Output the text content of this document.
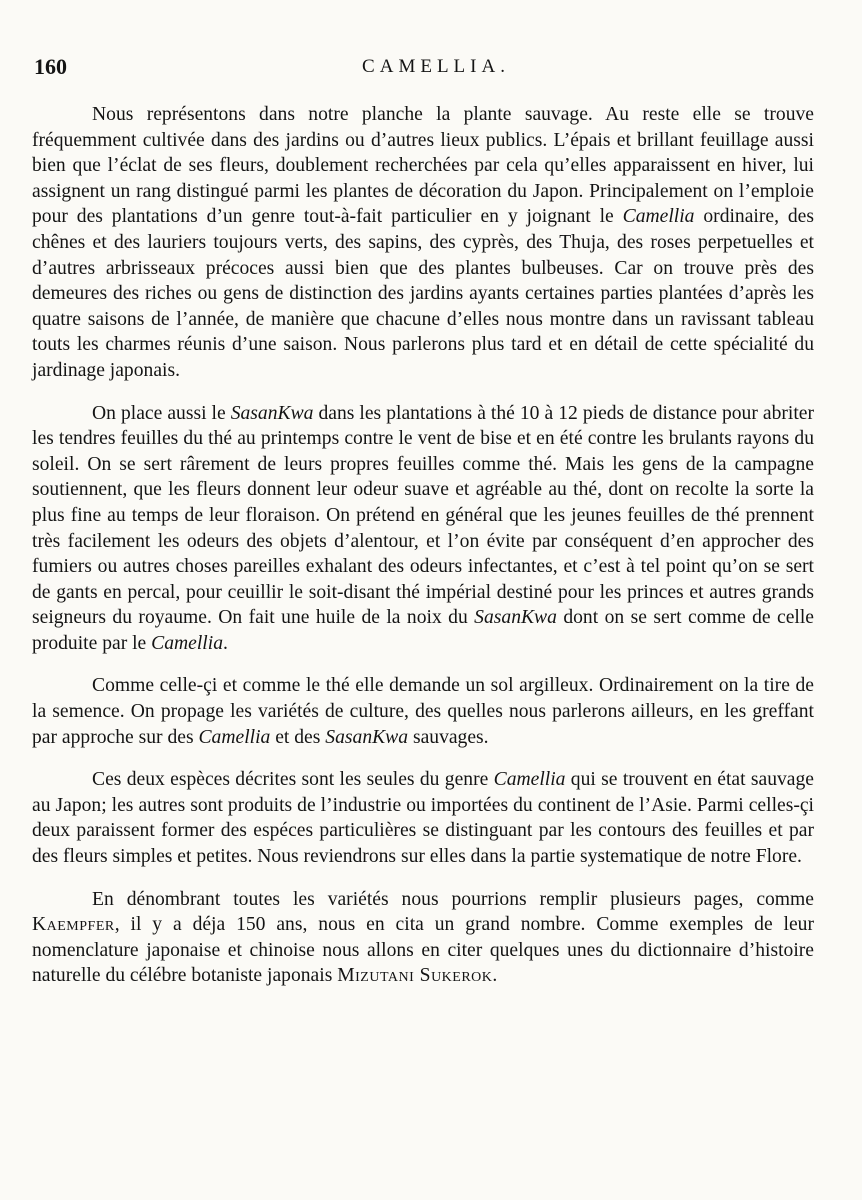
160	CAMELLIA.

Nous représentons dans notre planche la plante sauvage. Au reste elle se trouve fréquemment cultivée dans des jardins ou d’autres lieux publics. L’épais et brillant feuillage aussi bien que l’éclat de ses fleurs, doublement recherchées par cela qu’elles apparaissent en hiver, lui assignent un rang distingué parmi les plantes de décoration du Japon. Principalement on l’emploie pour des plantations d’un genre tout-à-fait particulier en y joignant le Camellia ordinaire, des chênes et des lauriers toujours verts, des sapins, des cyprès, des Thuja, des roses perpetuelles et d’autres arbrisseaux précoces aussi bien que des plantes bulbeuses. Car on trouve près des demeures des riches ou gens de distinction des jardins ayants certaines parties plantées d’après les quatre saisons de l’année, de manière que chacune d’elles nous montre dans un ravissant tableau touts les charmes réunis d’une saison. Nous parlerons plus tard et en détail de cette spécialité du jardinage japonais.

On place aussi le SasanKwa dans les plantations à thé 10 à 12 pieds de distance pour abriter les tendres feuilles du thé au printemps contre le vent de bise et en été contre les brulants rayons du soleil. On se sert rârement de leurs propres feuilles comme thé. Mais les gens de la campagne soutiennent, que les fleurs donnent leur odeur suave et agréable au thé, dont on recolte la sorte la plus fine au temps de leur floraison. On prétend en général que les jeunes feuilles de thé prennent très facilement les odeurs des objets d’alentour, et l’on évite par conséquent d’en approcher des fumiers ou autres choses pareilles exhalant des odeurs infectantes, et c’est à tel point qu’on se sert de gants en percal, pour ceuillir le soit-disant thé impérial destiné pour les princes et autres grands seigneurs du royaume. On fait une huile de la noix du SasanKwa dont on se sert comme de celle produite par le Camellia.

Comme celle-çi et comme le thé elle demande un sol argilleux. Ordinairement on la tire de la semence. On propage les variétés de culture, des quelles nous parlerons ailleurs, en les greffant par approche sur des Camellia et des SasanKwa sauvages.

Ces deux espèces décrites sont les seules du genre Camellia qui se trouvent en état sauvage au Japon; les autres sont produits de l’industrie ou importées du continent de l’Asie. Parmi celles-çi deux paraissent former des espéces particulières se distinguant par les contours des feuilles et par des fleurs simples et petites. Nous reviendrons sur elles dans la partie systematique de notre Flore.

En dénombrant toutes les variétés nous pourrions remplir plusieurs pages, comme Kaempfer, il y a déja 150 ans, nous en cita un grand nombre. Comme exemples de leur nomenclature japonaise et chinoise nous allons en citer quelques unes du dictionnaire d’histoire naturelle du célébre botaniste japonais Mizutani Sukerok.
